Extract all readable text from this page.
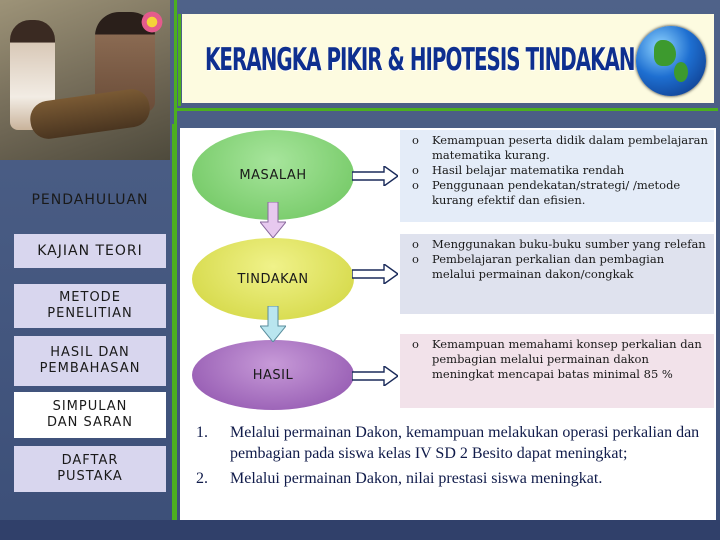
KERANGKA PIKIR & HIPOTESIS TINDAKAN
PENDAHULUAN
KAJIAN TEORI
METODE PENELITIAN
HASIL DAN PEMBAHASAN
SIMPULAN DAN SARAN
DAFTAR PUSTAKA
MASALAH
TINDAKAN
HASIL
o Kemampuan peserta didik dalam pembelajaran matematika kurang.
o Hasil belajar matematika rendah
o Penggunaan pendekatan/strategi/ /metode kurang efektif dan efisien.
o Menggunakan buku-buku sumber yang relefan
o Pembelajaran perkalian dan pembagian melalui permainan dakon/congkak
o Kemampuan memahami konsep perkalian dan pembagian melalui permainan dakon meningkat mencapai batas minimal 85 %
1. Melalui permainan Dakon, kemampuan melakukan operasi perkalian dan pembagian pada siswa kelas IV SD 2 Besito dapat meningkat;
2. Melalui permainan Dakon, nilai prestasi siswa meningkat.
